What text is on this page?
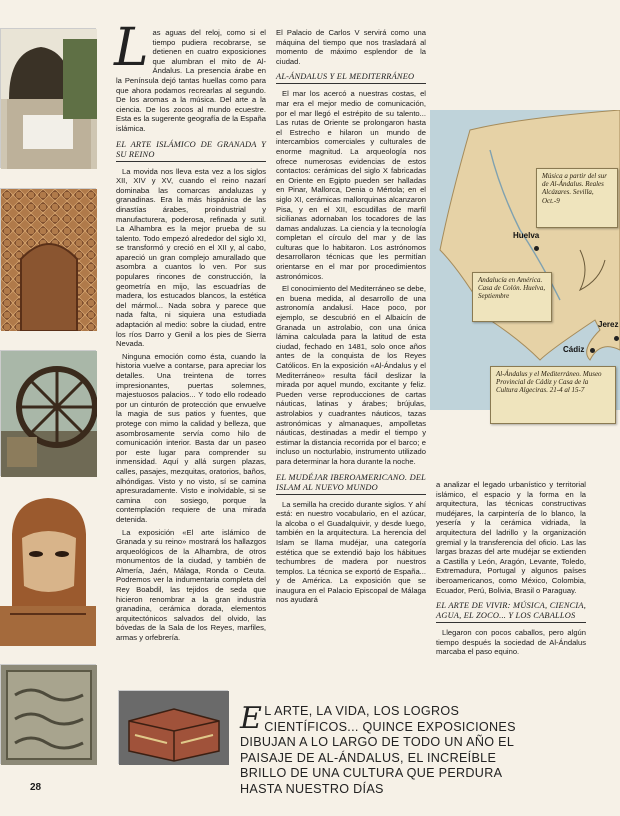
Las aguas del reloj, como si el tiempo pudiera recobrarse, se detienen en cuatro exposiciones que alumbran el mito de Al-Ándalus. La presencia árabe en la Península dejó tantas huellas como para que ahora podamos recrearlas al segundo. De los aromas a la música. Del arte a la ciencia. De los zocos al mundo ecuestre. Esta es la sugerente geografía de la España islámica.

EL ARTE ISLÁMICO DE GRANADA Y SU REINO

La movida nos lleva esta vez a los siglos XII, XIV y XV, cuando el reino nazarí dominaba las comarcas andaluzas y granadinas. Era la más hispánica de las dinastías árabes, proindustrial y manufacturera, poderosa, refinada y sutil. La Alhambra es la mejor prueba de su talento. Todo empezó alrededor del siglo XI, se transformó y creció en el XII y, al cabo, apareció un gran complejo amurallado que asombra a cuantos lo ven. Por sus populares rincones de construcción, la geometría en mijo, las escuadrías de madera, los estucados blancos, la estética del mármol... Nada sobra y parece que nada falta, ni siquiera una estudiada adaptación al medio: sobre la ciudad, entre los ríos Darro y Genil a los pies de Sierra Nevada.

Ninguna emoción como ésta, cuando la historia vuelve a contarse, para apreciar los detalles. Una treintena de torres impresionantes, puertas solemnes, majestuosos palacios... Y todo ello rodeado por un cinturón de protección que envuelve la magia de sus patios y fuentes, que protege con mimo la calidad y belleza, que asombrosamente servía como hilo de comunicación interior. Basta dar un paseo por este lugar para comprender su inmensidad. Aquí y allá surgen plazas, calles, pasajes, mezquitas, oratorios, baños, alhóndigas. Visto y no visto, sí se camina apresuradamente. Visto e inolvidable, si se camina con sosiego, porque la contemplación requiere de una mirada detenida.

La exposición «El arte islámico de Granada y su reino» mostrará los hallazgos arqueológicos de la Alhambra, de otros monumentos de la ciudad, y también de Almería, Jaén, Málaga, Ronda o Ceuta. Podremos ver la indumentaria completa del Rey Boabdil, las tejidos de seda que hicieron renombrar a la gran industria granadina, cerámica dorada, elementos arquitectónicos salvados del olvido, las bóvedas de la Sala de los Reyes, marfiles, armas y orfebrería.

El Palacio de Carlos V servirá como una máquina del tiempo que nos trasladará al momento de máximo esplendor de la ciudad.

AL-ÁNDALUS Y EL MEDITERRÁNEO

El mar los acercó a nuestras costas, el mar era el mejor medio de comunicación, por el mar llegó el estrépito de su talento... Las rutas de Oriente se prolongaron hasta el Estrecho e hilaron un mundo de intercambios comerciales y culturales de enorme magnitud. La arqueología nos ofrece numerosas evidencias de estos contactos: cerámicas del siglo X fabricadas en Oriente en Egipto pueden ser halladas en Pinar, Mallorca, Denia o Mértola; en el siglo XI, cerámicas mallorquinas alcanzaron Pisa, y en el XII, escudillas de marfil sicilianas adornaban los tocadores de las damas andaluzas. La ciencia y la tecnología completan el círculo del mar y de las culturas que lo habitaron. Los astrónomos desarrollaron técnicas que les permitían orientarse en el mar por procedimientos astronómicos.

El conocimiento del Mediterráneo se debe, en buena medida, al desarrollo de una astronomía andalusí. Hace poco, por ejemplo, se descubrió en el Albaicín de Granada un astrolabio, con una única lámina calculada para la latitud de esta ciudad, fechado en 1481, solo once años antes de la conquista de los Reyes Católicos. En la exposición «Al-Ándalus y el Mediterráneo» resulta fácil deslizar la mirada por aquel mundo, excitante y feliz. Pueden verse reproducciones de cartas náuticas, latinas y árabes; brújulas, astrolabios y cuadrantes náuticos, tazas astronómicas y almanaques, ampolletas náuticas, destinadas a medir el tiempo y estimar la distancia recorrida por el barco; e incluso un nocturlabio, instrumento utilizado para determinar la hora durante la noche.

EL MUDÉJAR IBEROAMERICANO. DEL ISLAM AL NUEVO MUNDO

La semilla ha crecido durante siglos. Y ahí está: en nuestro vocabulario, en el azúcar, la alcoba o el Guadalquivir, y desde luego, también en la arquitectura. La herencia del Islam se llama mudéjar, una categoría estética que se extendió bajo los hábitues techumbres de madera por nuestros templos. La técnica se exportó de España... y de América. La exposición que se inaugura en el Palacio Episcopal de Málaga nos ayudará

Música a partir del sur de Al-Ándalus. Reales Alcázares. Sevilla, Oct.-9
Andalucía en América. Casa de Colón. Huelva, Septiembre
Al-Ándalus y el Mediterráneo. Museo Provincial de Cádiz y Casa de la Cultura Algeciras. 21-4 al 15-7
Huelva
Jerez
Cádiz

a analizar el legado urbanístico y territorial islámico, el espacio y la forma en la arquitectura, las técnicas constructivas mudéjares, la carpintería de lo blanco, la yesería y la cerámica vidriada, la arquitectura del ladrillo y la organización gremial y la transferencia del oficio. Las las largas brazas del arte mudéjar se extienden a Castilla y León, Aragón, Levante, Toledo, Extremadura, Portugal y algunos países iberoamericanos, como México, Colombia, Ecuador, Perú, Bolivia, Brasil o Paraguay.

EL ARTE DE VIVIR: MÚSICA, CIENCIA, AGUA, EL ZOCO... Y LOS CABALLOS

Llegaron con pocos caballos, pero algún tiempo después la sociedad de Al-Ándalus marcaba el paso equino.

E L ARTE, LA VIDA, LOS LOGROS CIENTÍFICOS... QUINCE EXPOSICIONES DIBUJAN A LO LARGO DE TODO UN AÑO EL PAISAJE DE AL-ÁNDALUS, EL INCREÍBLE BRILLO DE UNA CULTURA QUE PERDURA HASTA NUESTRO DÍAS
28
